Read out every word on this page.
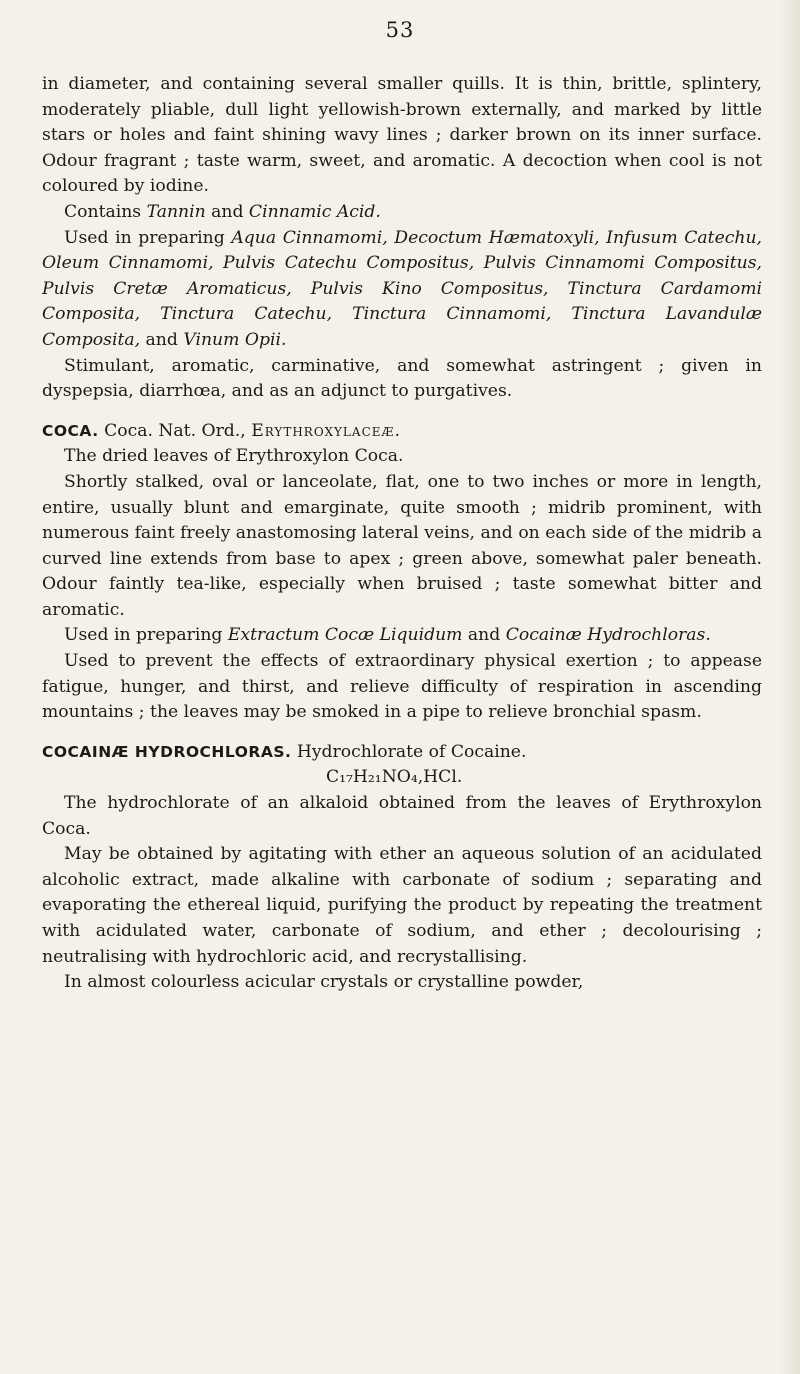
53

in diameter, and containing several smaller quills. It is thin, brittle, splintery, moderately pliable, dull light yellowish-brown externally, and marked by little stars or holes and faint shining wavy lines ; darker brown on its inner surface. Odour fragrant ; taste warm, sweet, and aromatic. A decoction when cool is not coloured by iodine.

Contains Tannin and Cinnamic Acid.

Used in preparing Aqua Cinnamomi, Decoctum Hæmatoxyli, Infusum Catechu, Oleum Cinnamomi, Pulvis Catechu Compositus, Pulvis Cinnamomi Compositus, Pulvis Cretæ Aromaticus, Pulvis Kino Compositus, Tinctura Cardamomi Composita, Tinctura Catechu, Tinctura Cinnamomi, Tinctura Lavandulæ Composita, and Vinum Opii.

Stimulant, aromatic, carminative, and somewhat astringent ; given in dyspepsia, diarrhœa, and as an adjunct to purgatives.

COCA. Coca. Nat. Ord., Erythroxylaceæ.

The dried leaves of Erythroxylon Coca.

Shortly stalked, oval or lanceolate, flat, one to two inches or more in length, entire, usually blunt and emarginate, quite smooth ; midrib prominent, with numerous faint freely anastomosing lateral veins, and on each side of the midrib a curved line extends from base to apex ; green above, somewhat paler beneath. Odour faintly tea-like, especially when bruised ; taste somewhat bitter and aromatic.

Used in preparing Extractum Cocæ Liquidum and Cocainæ Hydrochloras.

Used to prevent the effects of extraordinary physical exertion ; to appease fatigue, hunger, and thirst, and relieve difficulty of respiration in ascending mountains ; the leaves may be smoked in a pipe to relieve bronchial spasm.

COCAINÆ HYDROCHLORAS. Hydrochlorate of Cocaine.

C₁₇H₂₁NO₄,HCl.

The hydrochlorate of an alkaloid obtained from the leaves of Erythroxylon Coca.

May be obtained by agitating with ether an aqueous solution of an acidulated alcoholic extract, made alkaline with carbonate of sodium ; separating and evaporating the ethereal liquid, purifying the product by repeating the treatment with acidulated water, carbonate of sodium, and ether ; decolourising ; neutralising with hydrochloric acid, and recrystallising.

In almost colourless acicular crystals or crystalline powder,
